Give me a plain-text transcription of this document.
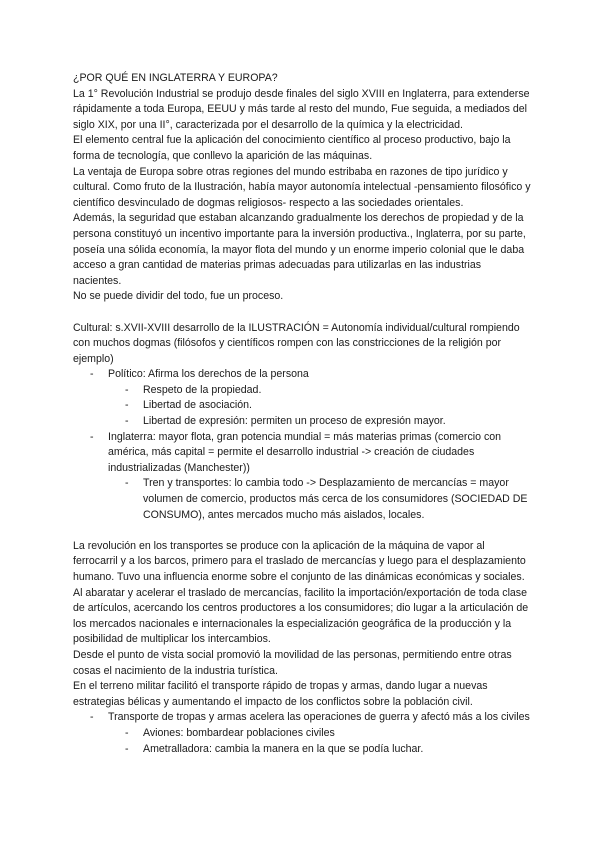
¿POR QUÉ EN INGLATERRA Y EUROPA?

La 1° Revolución Industrial se produjo desde finales del siglo XVIII en Inglaterra, para extenderse rápidamente a toda Europa, EEUU y más tarde al resto del mundo, Fue seguida, a mediados del siglo XIX, por una II°, caracterizada por el desarrollo de la química y la electricidad.

El elemento central fue la aplicación del conocimiento científico al proceso productivo, bajo la forma de tecnología, que conllevo la aparición de las máquinas.

La ventaja de Europa sobre otras regiones del mundo estribaba en razones de tipo jurídico y cultural. Como fruto de la Ilustración, había mayor autonomía intelectual -pensamiento filosófico y científico desvinculado de dogmas religiosos- respecto a las sociedades orientales.

Además, la seguridad que estaban alcanzando gradualmente los derechos de propiedad y de la persona constituyó un incentivo importante para la inversión productiva., Inglaterra, por su parte, poseía una sólida economía, la mayor flota del mundo y un enorme imperio colonial que le daba acceso a gran cantidad de materias primas adecuadas para utilizarlas en las industrias nacientes.

No se puede dividir del todo, fue un proceso.

Cultural: s.XVII-XVIII desarrollo de la ILUSTRACIÓN = Autonomía individual/cultural rompiendo con muchos dogmas (filósofos y científicos rompen con las constricciones de la religión por ejemplo)

- Político: Afirma los derechos de la persona
- Respeto de la propiedad.
- Libertad de asociación.
- Libertad de expresión: permiten un proceso de expresión mayor.
- Inglaterra: mayor flota, gran potencia mundial = más materias primas (comercio con américa, más capital = permite el desarrollo industrial -> creación de ciudades industrializadas (Manchester))
- Tren y transportes: lo cambia todo -> Desplazamiento de mercancías = mayor volumen de comercio, productos más cerca de los consumidores (SOCIEDAD DE CONSUMO), antes mercados mucho más aislados, locales.

La revolución en los transportes se produce con la aplicación de la máquina de vapor al ferrocarril y a los barcos, primero para el traslado de mercancías y luego para el desplazamiento humano. Tuvo una influencia enorme sobre el conjunto de las dinámicas económicas y sociales.

Al abaratar y acelerar el traslado de mercancías, facilito la importación/exportación de toda clase de artículos, acercando los centros productores a los consumidores; dio lugar a la articulación de los mercados nacionales e internacionales la especialización geográfica de la producción y la posibilidad de multiplicar los intercambios.

Desde el punto de vista social promovió la movilidad de las personas, permitiendo entre otras cosas el nacimiento de la industria turística.

En el terreno militar facilitó el transporte rápido de tropas y armas, dando lugar a nuevas estrategias bélicas y aumentando el impacto de los conflictos sobre la población civil.

- Transporte de tropas y armas acelera las operaciones de guerra y afectó más a los civiles
- Aviones: bombardear poblaciones civiles
- Ametralladora: cambia la manera en la que se podía luchar.
